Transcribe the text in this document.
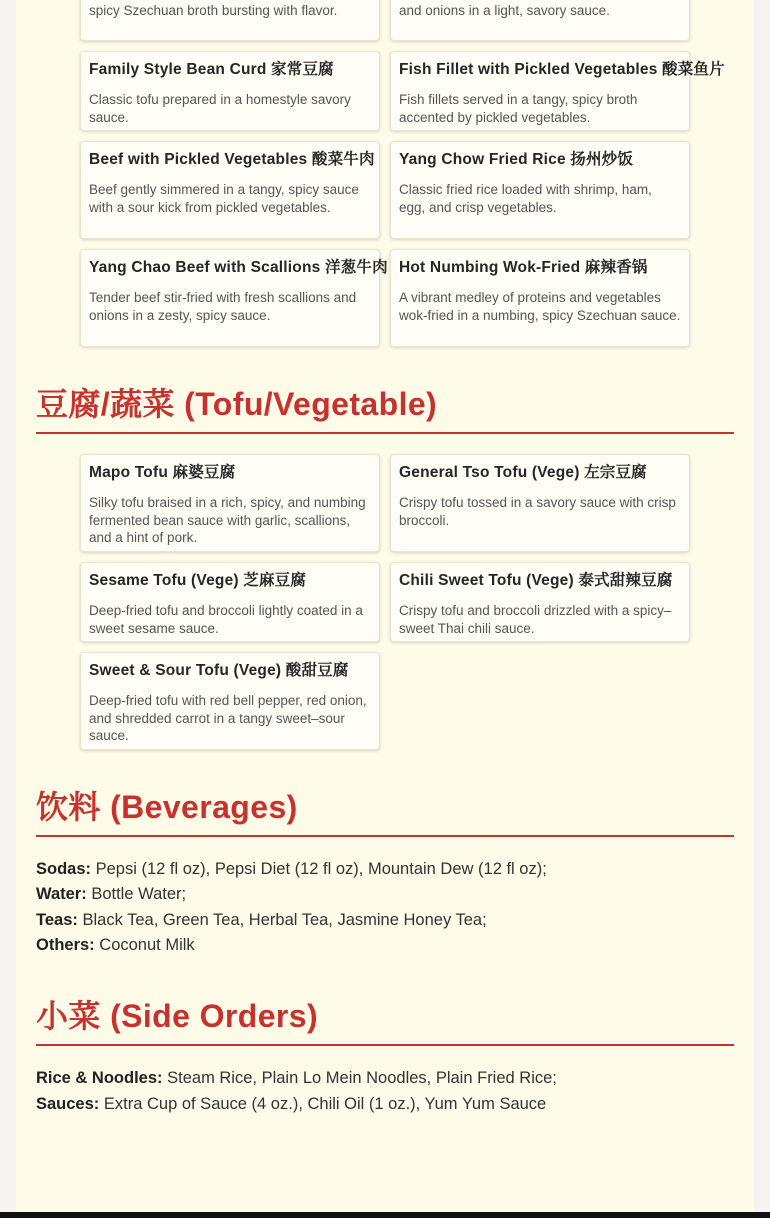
spicy Szechuan broth bursting with flavor.	and onions in a light, savory sauce.
Family Style Bean Curd 家常豆腐
Classic tofu prepared in a homestyle savory sauce.
Fish Fillet with Pickled Vegetables 酸菜鱼片
Fish fillets served in a tangy, spicy broth accented by pickled vegetables.
Beef with Pickled Vegetables 酸菜牛肉
Beef gently simmered in a tangy, spicy sauce with a sour kick from pickled vegetables.
Yang Chow Fried Rice 扬州炒饭
Classic fried rice loaded with shrimp, ham, egg, and crisp vegetables.
Yang Chao Beef with Scallions 洋葱牛肉
Tender beef stir-fried with fresh scallions and onions in a zesty, spicy sauce.
Hot Numbing Wok-Fried 麻辣香锅
A vibrant medley of proteins and vegetables wok-fried in a numbing, spicy Szechuan sauce.
豆腐/蔬菜 (Tofu/Vegetable)
Mapo Tofu 麻婆豆腐
Silky tofu braised in a rich, spicy, and numbing fermented bean sauce with garlic, scallions, and a hint of pork.
General Tso Tofu (Vege) 左宗豆腐
Crispy tofu tossed in a savory sauce with crisp broccoli.
Sesame Tofu (Vege) 芝麻豆腐
Deep-fried tofu and broccoli lightly coated in a sweet sesame sauce.
Chili Sweet Tofu (Vege) 泰式甜辣豆腐
Crispy tofu and broccoli drizzled with a spicy–sweet Thai chili sauce.
Sweet & Sour Tofu (Vege) 酸甜豆腐
Deep-fried tofu with red bell pepper, red onion, and shredded carrot in a tangy sweet–sour sauce.
饮料 (Beverages)
Sodas: Pepsi (12 fl oz), Pepsi Diet (12 fl oz), Mountain Dew (12 fl oz);
Water: Bottle Water;
Teas: Black Tea, Green Tea, Herbal Tea, Jasmine Honey Tea;
Others: Coconut Milk
小菜 (Side Orders)
Rice & Noodles: Steam Rice, Plain Lo Mein Noodles, Plain Fried Rice;
Sauces: Extra Cup of Sauce (4 oz.), Chili Oil (1 oz.), Yum Yum Sauce
